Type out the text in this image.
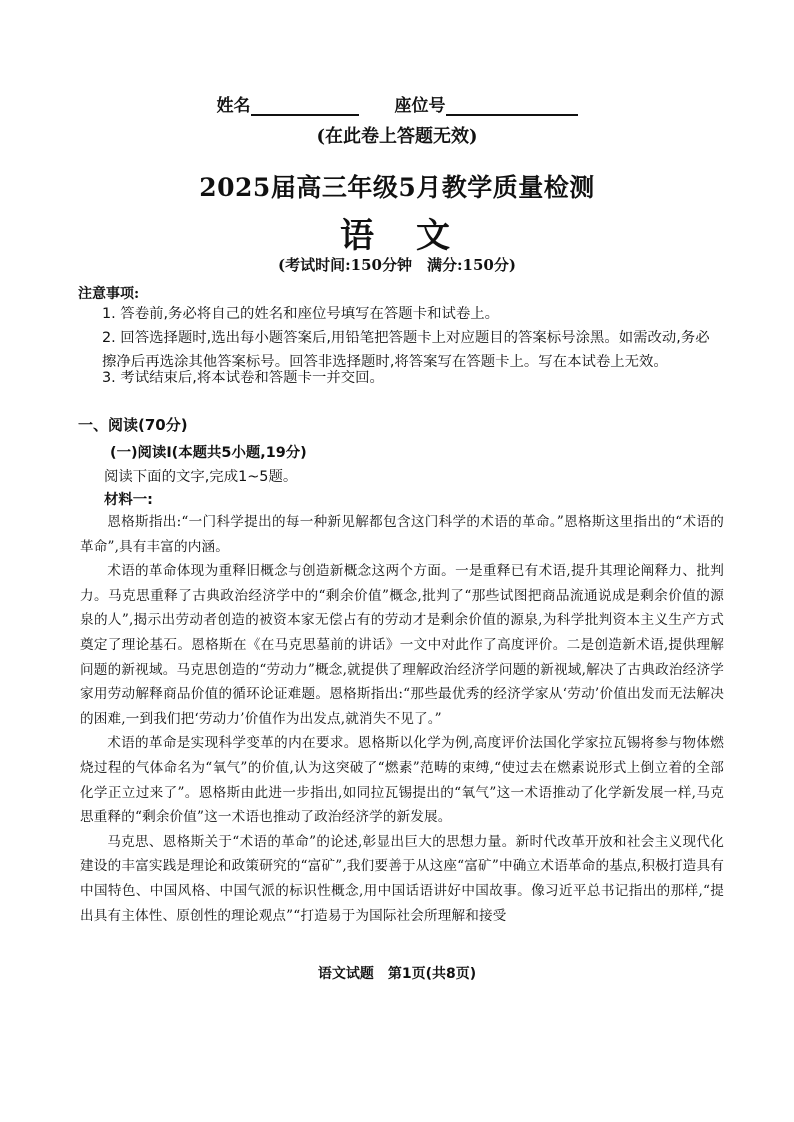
姓名	座位号
(在此卷上答题无效)
2025届高三年级5月教学质量检测
语　文
(考试时间:150分钟　满分:150分)
注意事项:
1. 答卷前,务必将自己的姓名和座位号填写在答题卡和试卷上。
2. 回答选择题时,选出每小题答案后,用铅笔把答题卡上对应题目的答案标号涂黑。如需改动,务必擦净后再选涂其他答案标号。回答非选择题时,将答案写在答题卡上。写在本试卷上无效。
3. 考试结束后,将本试卷和答题卡一并交回。
一、阅读(70分)
(一)阅读Ⅰ(本题共5小题,19分)
阅读下面的文字,完成1~5题。
材料一:

恩格斯指出:“一门科学提出的每一种新见解都包含这门科学的术语的革命。”恩格斯这里指出的“术语的革命”,具有丰富的内涵。

术语的革命体现为重释旧概念与创造新概念这两个方面。一是重释已有术语,提升其理论阐释力、批判力。马克思重释了古典政治经济学中的“剩余价值”概念,批判了“那些试图把商品流通说成是剩余价值的源泉的人”,揭示出劳动者创造的被资本家无偿占有的劳动才是剩余价值的源泉,为科学批判资本主义生产方式奠定了理论基石。恩格斯在《在马克思墓前的讲话》一文中对此作了高度评价。二是创造新术语,提供理解问题的新视域。马克思创造的“劳动力”概念,就提供了理解政治经济学问题的新视域,解决了古典政治经济学家用劳动解释商品价值的循环论证难题。恩格斯指出:“那些最优秀的经济学家从‘劳动’价值出发而无法解决的困难,一到我们把‘劳动力’价值作为出发点,就消失不见了。”

术语的革命是实现科学变革的内在要求。恩格斯以化学为例,高度评价法国化学家拉瓦锡将参与物体燃烧过程的气体命名为“氧气”的价值,认为这突破了“燃素”范畴的束缚,“使过去在燃素说形式上倒立着的全部化学正立过来了”。恩格斯由此进一步指出,如同拉瓦锡提出的“氧气”这一术语推动了化学新发展一样,马克思重释的“剩余价值”这一术语也推动了政治经济学的新发展。

马克思、恩格斯关于“术语的革命”的论述,彰显出巨大的思想力量。新时代改革开放和社会主义现代化建设的丰富实践是理论和政策研究的“富矿”,我们要善于从这座“富矿”中确立术语革命的基点,积极打造具有中国特色、中国风格、中国气派的标识性概念,用中国话语讲好中国故事。像习近平总书记指出的那样,“提出具有主体性、原创性的理论观点”“打造易于为国际社会所理解和接受

语文试题　第1页(共8页)
